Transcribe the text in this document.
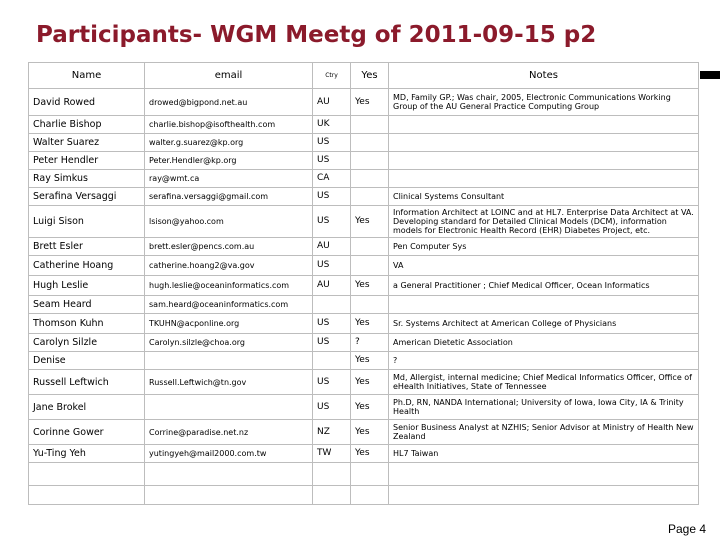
Participants- WGM Meetg of 2011-09-15 p2
Name	email	Ctry	Yes	Notes
David Rowed	drowed@bigpond.net.au	AU	Yes	MD, Family GP.; Was chair, 2005, Electronic Communications Working Group of the AU General Practice Computing Group
Charlie Bishop	charlie.bishop@isofthealth.com	UK		
Walter Suarez	walter.g.suarez@kp.org	US		
Peter Hendler	Peter.Hendler@kp.org	US		
Ray Simkus	ray@wmt.ca	CA		
Serafina Versaggi	serafina.versaggi@gmail.com	US		Clinical Systems Consultant
Luigi Sison	lsison@yahoo.com	US	Yes	Information Architect at LOINC and at HL7. Enterprise Data Architect at VA. Developing standard for Detailed Clinical Models (DCM), information models for Electronic Health Record (EHR) Diabetes Project, etc.
Brett Esler	brett.esler@pencs.com.au	AU		Pen Computer Sys
Catherine Hoang	catherine.hoang2@va.gov	US		VA
Hugh Leslie	hugh.leslie@oceaninformatics.com	AU	Yes	a General Practitioner ; Chief Medical Officer, Ocean Informatics
Seam Heard	sam.heard@oceaninformatics.com			
Thomson Kuhn	TKUHN@acponline.org	US	Yes	Sr. Systems Architect at American College of Physicians
Carolyn Silzle	Carolyn.silzle@choa.org	US	?	American Dietetic Association
Denise			Yes	?
Russell Leftwich	Russell.Leftwich@tn.gov	US	Yes	Md, Allergist, internal medicine; Chief Medical Informatics Officer, Office of eHealth Initiatives, State of Tennessee
Jane Brokel		US	Yes	Ph.D, RN, NANDA International; University of Iowa, Iowa City, IA & Trinity Health
Corinne Gower	Corrine@paradise.net.nz	NZ	Yes	Senior Business Analyst at NZHIS; Senior Advisor at Ministry of Health New Zealand
Yu-Ting Yeh	yutingyeh@mail2000.com.tw	TW	Yes	HL7 Taiwan

Page 4
